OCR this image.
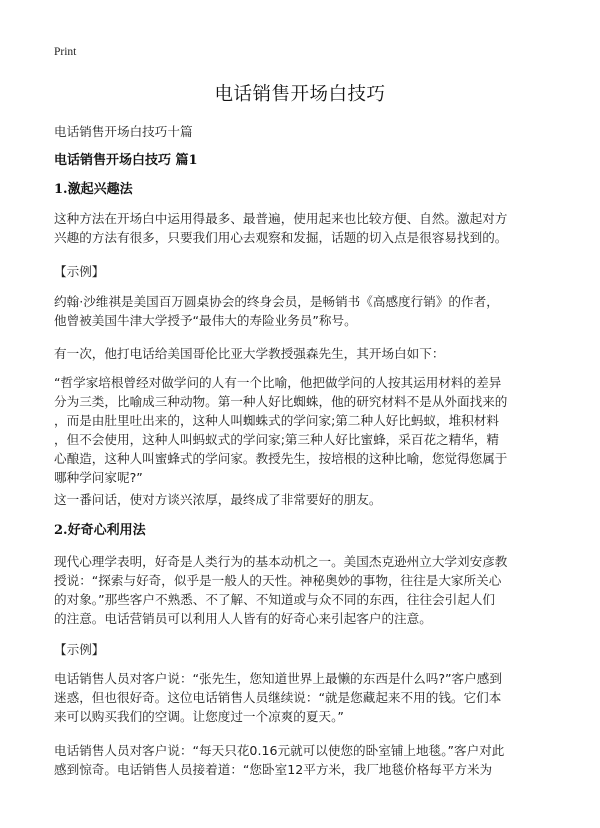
Print
电话销售开场白技巧

电话销售开场白技巧十篇

电话销售开场白技巧 篇1

1.激起兴趣法

这种方法在开场白中运用得最多、最普遍，使用起来也比较方便、自然。激起对方
兴趣的方法有很多，只要我们用心去观察和发掘，话题的切入点是很容易找到的。

【示例】

约翰·沙维祺是美国百万圆桌协会的终身会员，是畅销书《高感度行销》的作者，
他曾被美国牛津大学授予“最伟大的寿险业务员”称号。

有一次，他打电话给美国哥伦比亚大学教授强森先生，其开场白如下：

“哲学家培根曾经对做学问的人有一个比喻，他把做学问的人按其运用材料的差异
分为三类，比喻成三种动物。第一种人好比蜘蛛，他的研究材料不是从外面找来的
，而是由肚里吐出来的，这种人叫蜘蛛式的学问家;第二种人好比蚂蚁，堆积材料
，但不会使用，这种人叫蚂蚁式的学问家;第三种人好比蜜蜂，采百花之精华，精
心酿造，这种人叫蜜蜂式的学问家。教授先生，按培根的这种比喻，您觉得您属于
哪种学问家呢?”

这一番问话，使对方谈兴浓厚，最终成了非常要好的朋友。

2.好奇心利用法

现代心理学表明，好奇是人类行为的基本动机之一。美国杰克逊州立大学刘安彦教
授说：“探索与好奇，似乎是一般人的天性。神秘奥妙的事物，往往是大家所关心
的对象。”那些客户不熟悉、不了解、不知道或与众不同的东西，往往会引起人们
的注意。电话营销员可以利用人人皆有的好奇心来引起客户的注意。

【示例】

电话销售人员对客户说：“张先生，您知道世界上最懒的东西是什么吗?”客户感到
迷惑，但也很好奇。这位电话销售人员继续说：“就是您藏起来不用的钱。它们本
来可以购买我们的空调。让您度过一个凉爽的夏天。”

电话销售人员对客户说：“每天只花0.16元就可以使您的卧室铺上地毯。”客户对此
感到惊奇。电话销售人员接着道：“您卧室12平方米，我厂地毯价格每平方米为
